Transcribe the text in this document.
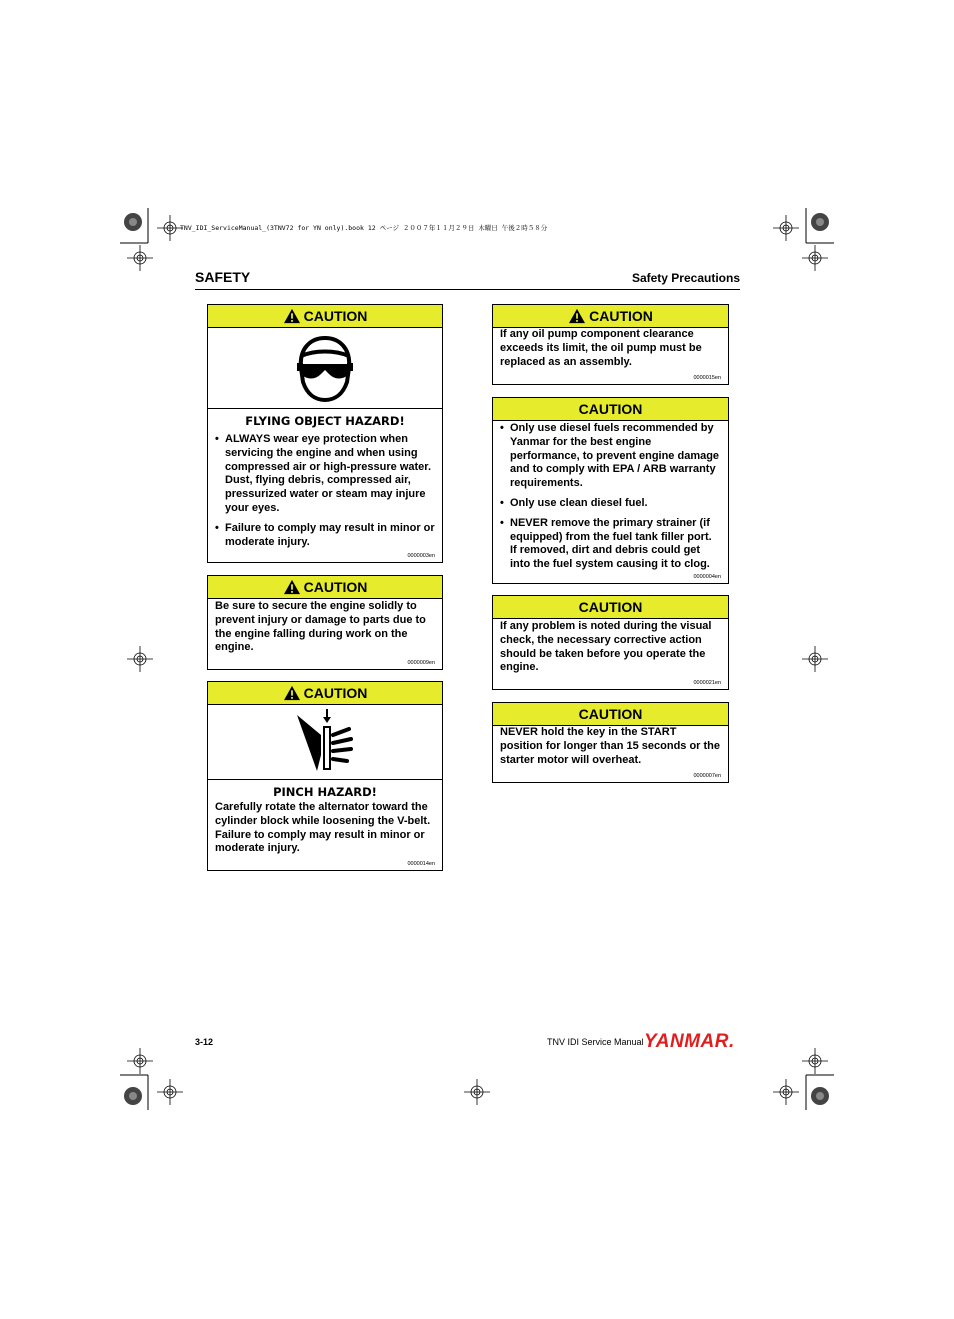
TNV_IDI_ServiceManual_(3TNV72 for YN only).book 12 ページ ２００７年１１月２９日 木曜日 午後２時５８分
SAFETY	Safety Precautions
CAUTION
FLYING OBJECT HAZARD!
• ALWAYS wear eye protection when servicing the engine and when using compressed air or high-pressure water. Dust, flying debris, compressed air, pressurized water or steam may injure your eyes.
• Failure to comply may result in minor or moderate injury.
0000003en
CAUTION
Be sure to secure the engine solidly to prevent injury or damage to parts due to the engine falling during work on the engine.
0000009en
CAUTION
PINCH HAZARD!
Carefully rotate the alternator toward the cylinder block while loosening the V-belt. Failure to comply may result in minor or moderate injury.
0000014en
CAUTION
If any oil pump component clearance exceeds its limit, the oil pump must be replaced as an assembly.
0000015en
CAUTION
• Only use diesel fuels recommended by Yanmar for the best engine performance, to prevent engine damage and to comply with EPA / ARB warranty requirements.
• Only use clean diesel fuel.
• NEVER remove the primary strainer (if equipped) from the fuel tank filler port. If removed, dirt and debris could get into the fuel system causing it to clog.
0000004en
CAUTION
If any problem is noted during the visual check, the necessary corrective action should be taken before you operate the engine.
0000021en
CAUTION
NEVER hold the key in the START position for longer than 15 seconds or the starter motor will overheat.
0000007en
3-12	TNV IDI Service Manual YANMAR.
